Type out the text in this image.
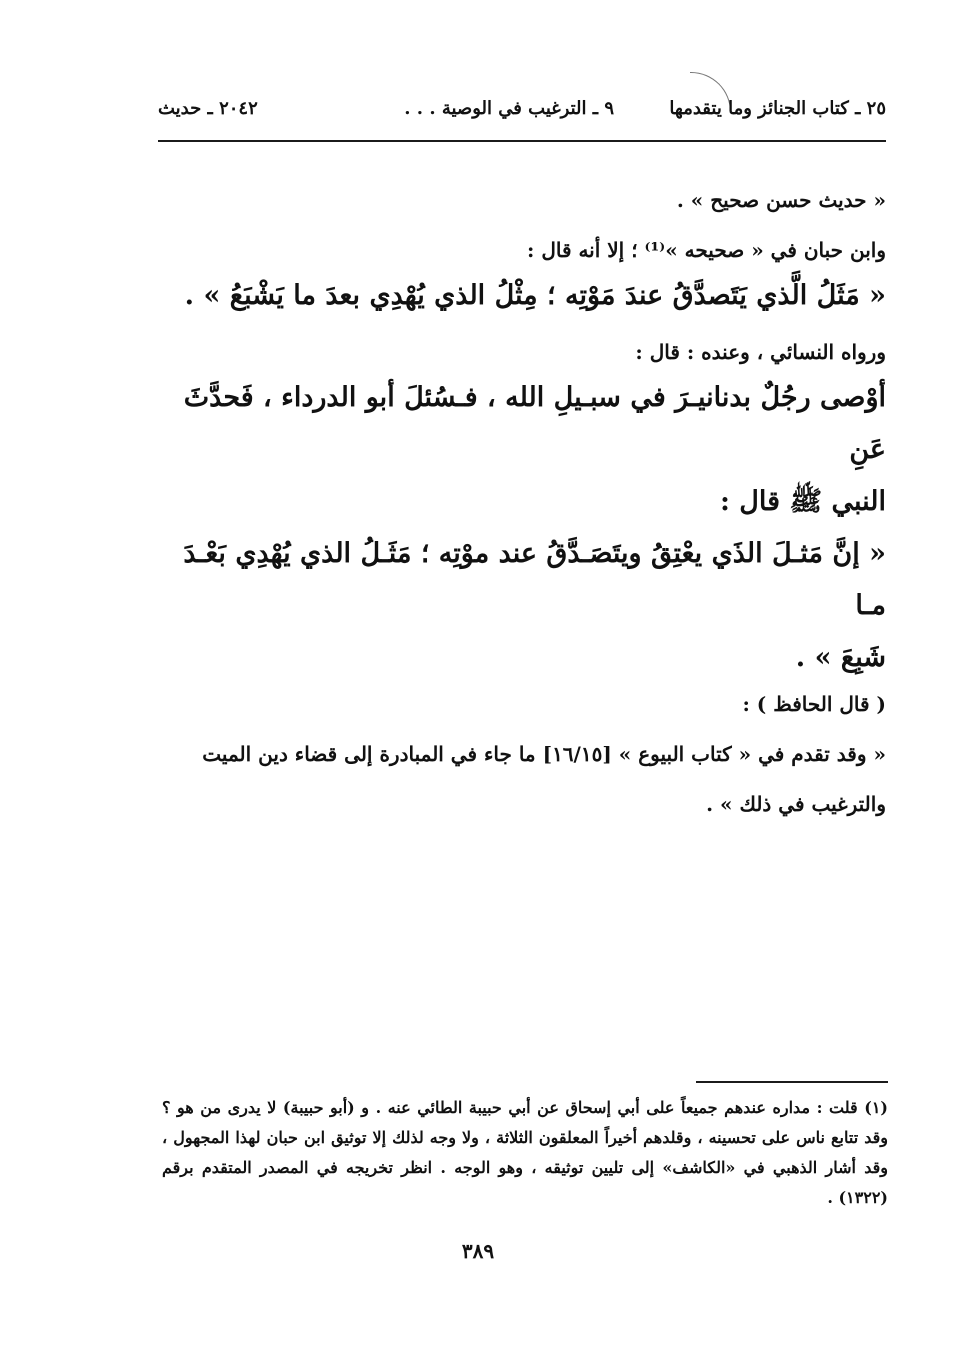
٢٥ ـ كتاب الجنائز وما يتقدمها
٩ ـ الترغيب في الوصية . . .
٢٠٤٢ ـ حديث

« حديث حسن صحيح » .

وابن حبان في « صحيحه »⁽¹⁾ ؛ إلا أنه قال :

« مَثَلُ الَّذي يَتَصدَّقُ عندَ مَوْتِه ؛ مِثْلُ الذي يُهْدِي بعدَ ما يَشْبَعُ » .

ورواه النسائي ، وعنده : قال :

أوْصى رجُلٌ بدنانيـرَ في سبـيلِ الله ، فـسُئلَ أبو الدرداء ، فَحدَّثَ عَنِ

النبي ﷺ قال :

« إنَّ مَثـلَ الذَي يعْتِقُ ويتَصَـدَّقُ عند موْتِه ؛ مَثَـلُ الذي يُهْدِي بَعْـدَ مـا

شَبِعَ » .

( قال الحافظ ) :

« وقد تقدم في « كتاب البيوع » [١٦/١٥] ما جاء في المبادرة إلى قضاء دين الميت

والترغيب في ذلك » .

(١) قلت : مداره عندهم جميعاً على أبي إسحاق عن أبي حبيبة الطائي عنه . و (أبو حبيبة) لا يدرى من هو ؟ وقد تتابع ناس على تحسينه ، وقلدهم أخيراً المعلقون الثلاثة ، ولا وجه لذلك إلا توثيق ابن حبان لهذا المجهول ، وقد أشار الذهبي في «الكاشف» إلى تليين توثيقه ، وهو الوجه . انظر تخريجه في المصدر المتقدم برقم (١٣٢٢) .
٣٨٩
